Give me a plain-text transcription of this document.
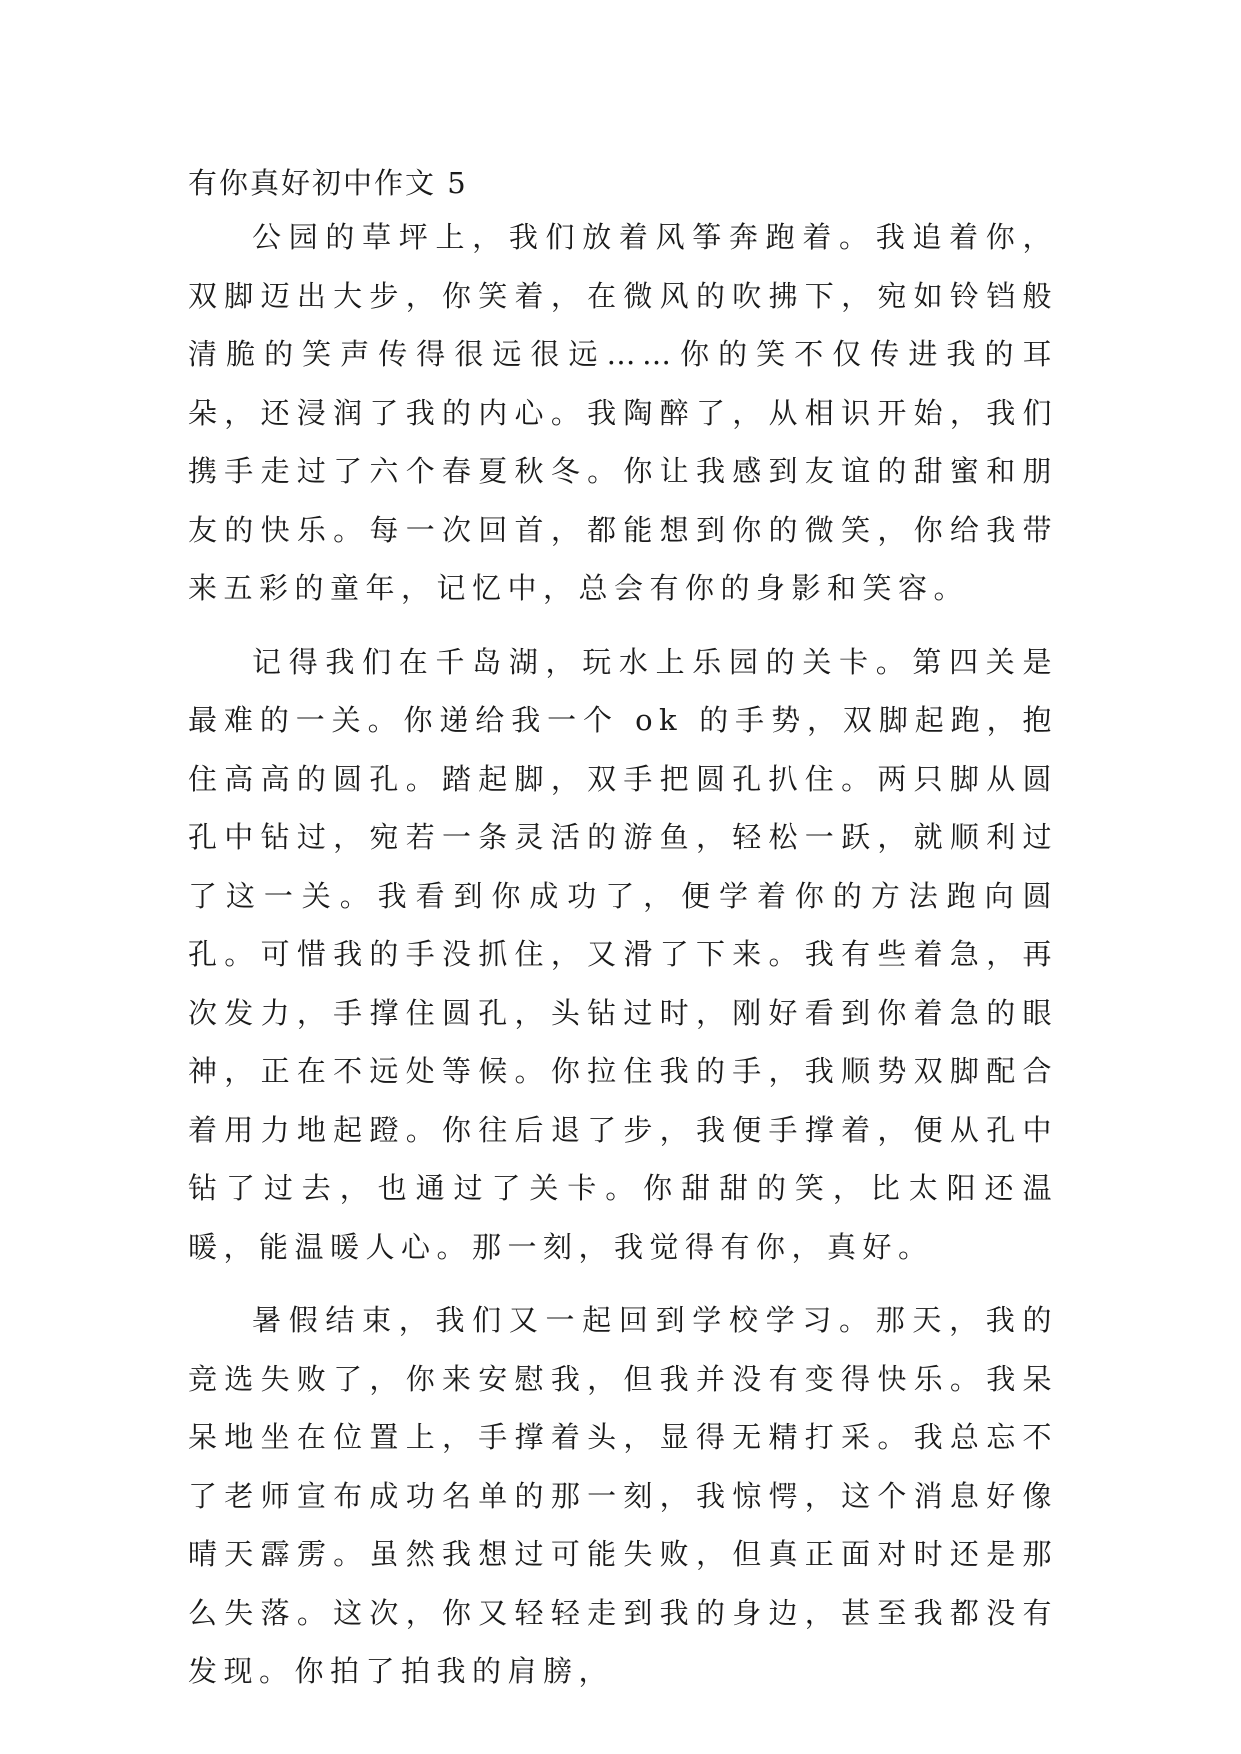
有你真好初中作文 5

公园的草坪上，我们放着风筝奔跑着。我追着你，双脚迈出大步，你笑着，在微风的吹拂下，宛如铃铛般清脆的笑声传得很远很远……你的笑不仅传进我的耳朵，还浸润了我的内心。我陶醉了，从相识开始，我们携手走过了六个春夏秋冬。你让我感到友谊的甜蜜和朋友的快乐。每一次回首，都能想到你的微笑，你给我带来五彩的童年，记忆中，总会有你的身影和笑容。

记得我们在千岛湖，玩水上乐园的关卡。第四关是最难的一关。你递给我一个 ok 的手势，双脚起跑，抱住高高的圆孔。踏起脚，双手把圆孔扒住。两只脚从圆孔中钻过，宛若一条灵活的游鱼，轻松一跃，就顺利过了这一关。我看到你成功了，便学着你的方法跑向圆孔。可惜我的手没抓住，又滑了下来。我有些着急，再次发力，手撑住圆孔，头钻过时，刚好看到你着急的眼神，正在不远处等候。你拉住我的手，我顺势双脚配合着用力地起蹬。你往后退了步，我便手撑着，便从孔中钻了过去，也通过了关卡。你甜甜的笑，比太阳还温暖，能温暖人心。那一刻，我觉得有你，真好。

暑假结束，我们又一起回到学校学习。那天，我的竞选失败了，你来安慰我，但我并没有变得快乐。我呆呆地坐在位置上，手撑着头，显得无精打采。我总忘不了老师宣布成功名单的那一刻，我惊愕，这个消息好像晴天霹雳。虽然我想过可能失败，但真正面对时还是那么失落。这次，你又轻轻走到我的身边，甚至我都没有发现。你拍了拍我的肩膀，
